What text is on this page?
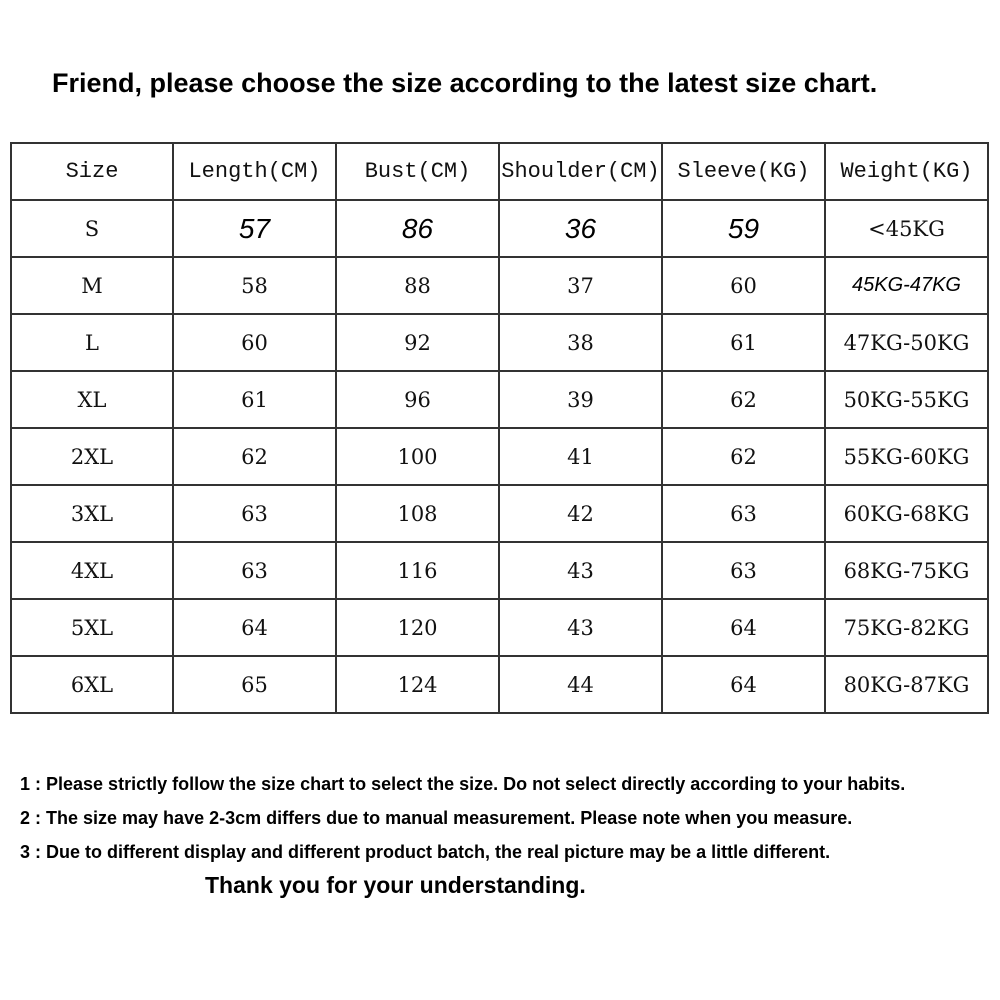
Friend, please choose the size according to the latest size chart.
Size	Length(CM)	Bust(CM)	Shoulder(CM)	Sleeve(KG)	Weight(KG)
S	57	86	36	59	<45KG
M	58	88	37	60	45KG-47KG
L	60	92	38	61	47KG-50KG
XL	61	96	39	62	50KG-55KG
2XL	62	100	41	62	55KG-60KG
3XL	63	108	42	63	60KG-68KG
4XL	63	116	43	63	68KG-75KG
5XL	64	120	43	64	75KG-82KG
6XL	65	124	44	64	80KG-87KG
1 : Please strictly follow the size chart to select the size. Do not select directly according to your habits.
2 : The size may have 2-3cm differs due to manual measurement. Please note when you measure.
3 : Due to different display and different product batch, the real picture may be a little different.
Thank you for your understanding.
